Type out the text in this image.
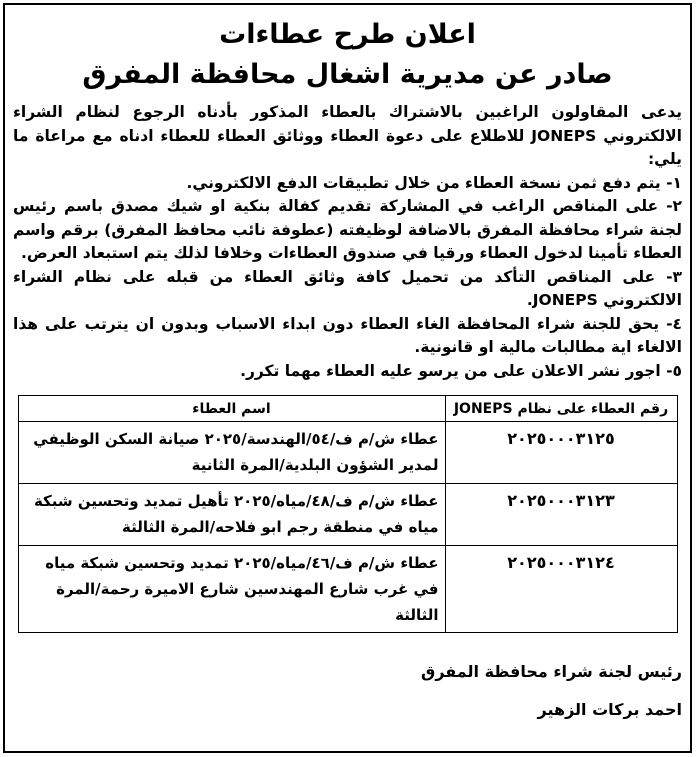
اعلان طرح عطاءات
صادر عن مديرية اشغال محافظة المفرق

يدعى المقاولون الراغبين بالاشتراك بالعطاء المذكور بأدناه الرجوع لنظام الشراء الالكتروني JONEPS للاطلاع على دعوة العطاء ووثائق العطاء للعطاء ادناه مع مراعاة ما يلي:

١- يتم دفع ثمن نسخة العطاء من خلال تطبيقات الدفع الالكتروني.

٢- على المناقص الراغب في المشاركة تقديم كفالة بنكية او شيك مصدق باسم رئيس لجنة شراء محافظة المفرق بالاضافة لوظيفته (عطوفة نائب محافظ المفرق) برقم واسم العطاء تأمينا لدخول العطاء ورقيا في صندوق العطاءات وخلافا لذلك يتم استبعاد العرض.

٣- على المناقص التأكد من تحميل كافة وثائق العطاء من قبله على نظام الشراء الالكتروني JONEPS.

٤- يحق للجنة شراء المحافظة الغاء العطاء دون ابداء الاسباب وبدون ان يترتب على هذا الالغاء اية مطالبات مالية او قانونية.

٥- اجور نشر الاعلان على من يرسو عليه العطاء مهما تكرر.

رقم العطاء على نظام JONEPS	اسم العطاء
٢٠٢٥٠٠٠٣١٢٥	عطاء ش/م ف/٥٤/الهندسة/٢٠٢٥ صيانة السكن الوظيفي لمدير الشؤون البلدية/المرة الثانية
٢٠٢٥٠٠٠٣١٢٣	عطاء ش/م ف/٤٨/مياه/٢٠٢٥ تأهيل تمديد وتحسين شبكة مياه في منطقة رجم ابو فلاحه/المرة الثالثة
٢٠٢٥٠٠٠٣١٢٤	عطاء ش/م ف/٤٦/مياه/٢٠٢٥ تمديد وتحسين شبكة مياه في غرب شارع المهندسين شارع الاميرة رحمة/المرة الثالثة
رئيس لجنة شراء محافظة المفرق
احمد بركات الزهير
